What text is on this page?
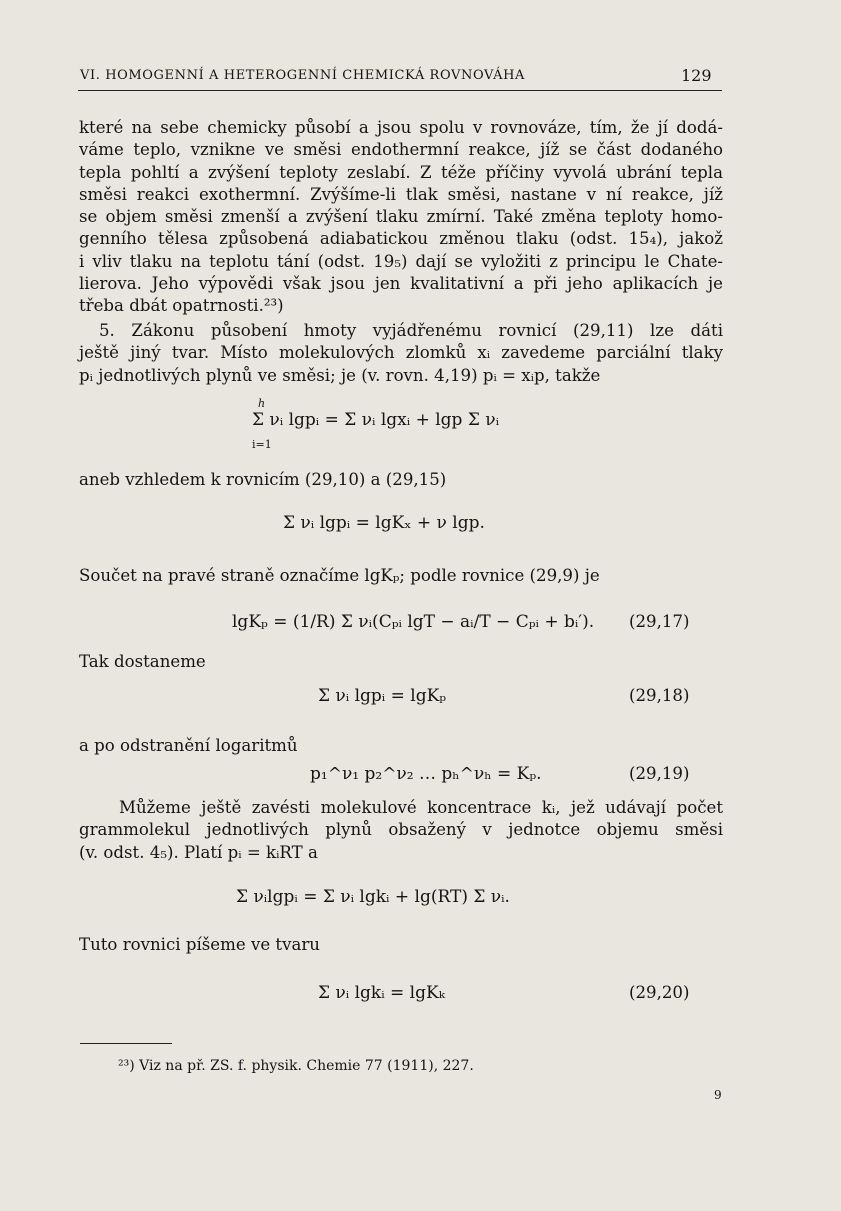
VI. HOMOGENNÍ A HETEROGENNÍ CHEMICKÁ ROVNOVÁHA	129
které na sebe chemicky působí a jsou spolu v rovnováze, tím, že jí dodá-
váme teplo, vznikne ve směsi endothermní reakce, jíž se část dodaného
tepla pohltí a zvýšení teploty zeslabí. Z téže příčiny vyvolá ubrání tepla
směsi reakci exothermní. Zvýšíme-li tlak směsi, nastane v ní reakce, jíž
se objem směsi zmenší a zvýšení tlaku zmírní. Také změna teploty homo-
genního tělesa způsobená adiabatickou změnou tlaku (odst. 15₄), jakož
i vliv tlaku na teplotu tání (odst. 19₅) dají se vyložiti z principu le Chate-
lierova. Jeho výpovědi však jsou jen kvalitativní a při jeho aplikacích je
třeba dbát opatrnosti.²³)
5. Zákonu působení hmoty vyjádřenému rovnicí (29,11) lze dáti
ještě jiný tvar. Místo molekulových zlomků xᵢ zavedeme parciální tlaky
pᵢ jednotlivých plynů ve směsi; je (v. rovn. 4,19) pᵢ = xᵢp, takže
Σ νᵢ lgpᵢ = Σ νᵢ lgxᵢ + lgp Σ νᵢ
aneb vzhledem k rovnicím (29,10) a (29,15)
Σ νᵢ lgpᵢ = lgKₓ + ν lgp.
Součet na pravé straně označíme lgKₚ; podle rovnice (29,9) je
lgKₚ = (1/R) Σ νᵢ(Cₚᵢ lgT − aᵢ/T − Cₚᵢ + bᵢ′). (29,17)
Tak dostaneme
Σ νᵢ lgpᵢ = lgKₚ	(29,18)
a po odstranění logaritmů
p₁^ν₁ p₂^ν₂ … pₕ^νₕ = Kₚ.	(29,19)
Můžeme ještě zavésti molekulové koncentrace kᵢ, jež udávají počet
grammolekul jednotlivých plynů obsažený v jednotce objemu směsi
(v. odst. 4₅). Platí pᵢ = kᵢRT a
Σ νᵢlgpᵢ = Σ νᵢ lgkᵢ + lg(RT) Σ νᵢ.
Tuto rovnici píšeme ve tvaru
Σ νᵢ lgkᵢ = lgKₖ	(29,20)
h
i=1
²³) Viz na př. ZS. f. physik. Chemie 77 (1911), 227.
9
